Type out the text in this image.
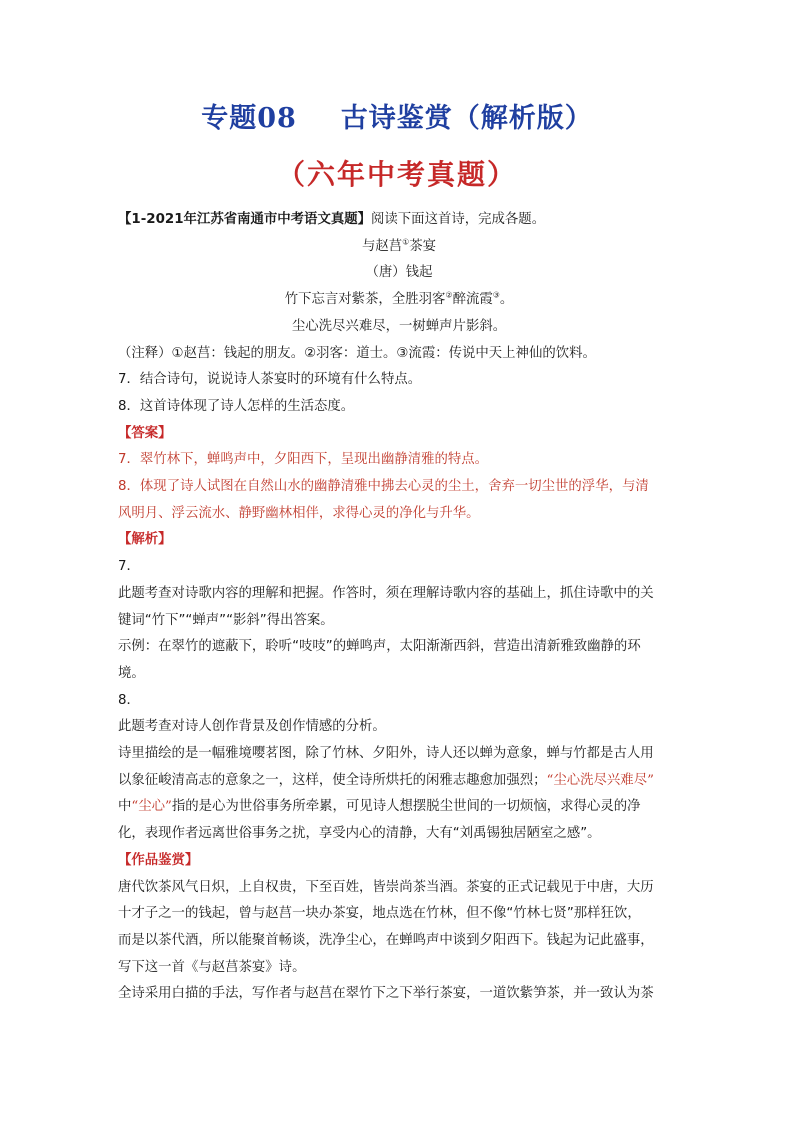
专题08 古诗鉴赏（解析版）
（六年中考真题）

【1-2021年江苏省南通市中考语文真题】阅读下面这首诗，完成各题。

与赵莒①茶宴

（唐）钱起

竹下忘言对紫茶，全胜羽客②醉流霞③。

尘心洗尽兴难尽，一树蝉声片影斜。

（注释）①赵莒：钱起的朋友。②羽客：道士。③流霞：传说中天上神仙的饮料。

7．结合诗句，说说诗人茶宴时的环境有什么特点。

8．这首诗体现了诗人怎样的生活态度。

【答案】

7．翠竹林下，蝉鸣声中，夕阳西下，呈现出幽静清雅的特点。

8．体现了诗人试图在自然山水的幽静清雅中拂去心灵的尘土，舍弃一切尘世的浮华，与清

风明月、浮云流水、静野幽林相伴，求得心灵的净化与升华。

【解析】

7．

此题考查对诗歌内容的理解和把握。作答时，须在理解诗歌内容的基础上，抓住诗歌中的关

键词“竹下”“蝉声”“影斜”得出答案。

示例：在翠竹的遮蔽下，聆听“吱吱”的蝉鸣声，太阳渐渐西斜，营造出清新雅致幽静的环

境。

8．

此题考查对诗人创作背景及创作情感的分析。

诗里描绘的是一幅雅境嘤茗图，除了竹林、夕阳外，诗人还以蝉为意象，蝉与竹都是古人用

以象征峻清高志的意象之一，这样，使全诗所烘托的闲雅志趣愈加强烈；“尘心洗尽兴难尽”

中“尘心”指的是心为世俗事务所牵累，可见诗人想摆脱尘世间的一切烦恼，求得心灵的净

化，表现作者远离世俗事务之扰，享受内心的清静，大有“刘禹锡独居陋室之感”。

【作品鉴赏】

唐代饮茶风气日炽，上自权贵，下至百姓，皆崇尚茶当酒。茶宴的正式记载见于中唐，大历

十才子之一的钱起，曾与赵莒一块办茶宴，地点选在竹林，但不像“竹林七贤”那样狂饮，

而是以茶代酒，所以能聚首畅谈，洗净尘心，在蝉鸣声中谈到夕阳西下。钱起为记此盛事，

写下这一首《与赵莒茶宴》诗。

全诗采用白描的手法，写作者与赵莒在翠竹下之下举行茶宴，一道饮紫笋茶，并一致认为茶
